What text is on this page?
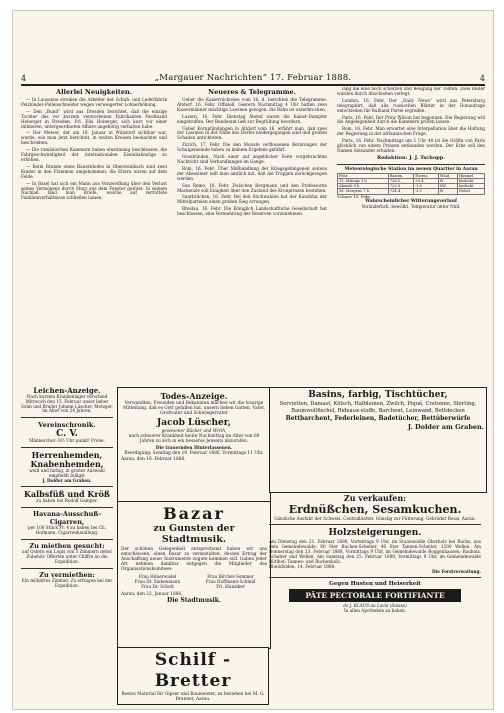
4	„Margauer Nachrichten“ 17. Februar 1888.	4
Allerlei Neuigkeiten.
— In Lausanne streiken die Arbeiter der Schuh- und Lederfabrik Pelzbinder-Pollenschneider wegen verweigerter Lohnerhöhung.
— Den „Bund“ wird aus Dresden berichtet, daß die einzige Tochter des vor kurzem verstorbenen Fabrikanten Ferdinand Hoberger in Dresden, Frl. Ella Hoberger, sich kurz vor einer intimeren, untergeordneten Affaire ungehörig verhalten habe.
— Der Meteor, der am 16. Januar in Wünstorf sichtbar war, wurde, wie man jetzt berichtet, in weiten Kreisen beobachtet und beschrieben.
— Die rumänischen Kammern haben einstimmig beschlossen, die Fahrgeschwindigkeit der internationalen Eisenbahnzüge zu erhöhen.
— Beim Brande eines Bauernhofes in Obersteinbach sind zwei Kinder in den Flammen umgekommen; die Eltern waren auf dem Felde.
— In Basel hat sich ein Mann aus Verzweiflung über den Verlust seines Vermögens durch Sturz aus dem Fenster getötet. In seinem Nachlaß fand man Briefe, welche auf zerrüttete Familienverhältnisse schließen lassen.
Neueres & Telegramme.
Ueber die Kaiserrückreise vom 16. d. berichten die Telegramme: Altdorf, 16. Febr. Offiziell. Gestern Nachmittag 4 Uhr hatten zwei Kaisermänner mächtige Lawinen gezogen; die Bahn ist unterbrochen.
Luzern, 16. Febr. Dienstag Abend waren die Kaiser-Dampfer eingetroffen. Der Bundesrat ließ zur Begrüßung beordern.
Ueber Kornpfändungen in Altdorf vom 16. erfährt man, daß zwei der Lawinen in der Nähe des Dorfes niedergegangen sind und großen Schaden anrichteten.
Zürich, 17. Febr. Die den Monate verflossenen Beratungen der Schulgemeinde haben zu keinem Ergebnis geführt.
Graubünden, Nach einer auf angeblicher Seite vorgebrachten Nachricht sind Verhandlungen im Gange.
Rom, 16. Febr. Über Mißhandlung der Kriegsgefangenen seitens der Abessinier teilt man amtlich mit, daß die Truppen zurückgezogen werden.
San Remo, 16. Febr. Zwischen Bergmann und den Professoren Mackenzie soll Einigkeit über den Zustand des Kronprinzen bestehen.
Saarbrücken, 16. Febr. Bei den Stichwahlen hat der Kandidat der Mittelparteien einen großen Sieg errungen.
Breslau, 16. Febr. Die Königlich Landschaftliche Gesellschaft hat beschlossen, eine Vermehrung der Reserven vorzunehmen.
lang die eine noch scherzen und Beugung der Todten. Zwei Reiter wurden durch Abschießen verlegt.
London, 16. Febr. Der „Daily News“ wird aus Petersburg telegraphirt, daß alle russischen Blätter in der Donaufrage entschieden für Rußland Partei ergreifen.
Paris, 16. Febr. Der Prinz Wilson hat begonnen. Die Regierung will die Angelegenheit durch die Kammern prüfen lassen.
Rom, 16. Febr. Man erwartet eine Interpellation über die Haltung der Regierung in der afrikanischen Frage.
Paris, 16. Febr. Nachmittags um 1 Uhr 40 ist die Gräfin von Paris glücklich von einem Prinzen entbunden worden. Der Erbe soll den Namen Alexander erhalten.
Redaktion: J. J. Tschopp.
Meteorologische Station im neuen Quartier in Aarau
Febr.	Barom.	Therm.	Wind	Himmel
15. Mittags 1 h	726.5	+0.4	W	bedeckt
Abends 9 h	725.8	-1.6	SW	bedeckt
16. Morgens 7 h	724.4	-2.0	W	Nebel
Schnee 15. Febr.
Wahrscheinlicher Witterungsverlauf
Veränderlich, bewölkt, Temperatur unter Null.
Leichen-Anzeige.
Nach kurzem Krankenlager verschied Mittwoch den 15. Februar unser lieber Sohn und Bruder Johann Lüscher, Metzger, im Alter von 24 Jahren.
Vereinschronik.
C. V.
Männerchor: 8½ Uhr punkt! Probe.
Herrenhemden, Knabenhemden,
weiß und farbig, in großer Auswahl empfiehlt billigst
J. Dolder am Graben.
Kalbsfüß und Kröß
zu haben bei Rudolf Gamper.
Havana-Ausschuß-Cigarren,
per 100 Stück Fr. 4 zu haben bei Ch. Hofmann, Cigarrenhandlung.
Zu miethen gesucht:
auf Ostern ein Logis von 3 Zimmern nebst Zubehör. Offerten unter Chiffre an die Expedition.
Zu vermiethen:
Ein möblirtes Zimmer. Zu erfragen bei der Expedition.
Todes-Anzeige.
Verwandten, Freunden und Bekannten machen wir die traurige Mitteilung, daß es Gott gefallen hat, unsern lieben Gatten, Vater, Großvater und Schwiegervater
Jacob Lüscher,
gewesener Bäcker und Wirth,
nach schwerer Krankheit heute Nachmittag im Alter von 60 Jahren zu sich in ein besseres Jenseits abzurufen.
Die trauernden Hinterlassenen.
Beerdigung: Sonntag den 19. Februar 1888, Vormittags 11 Uhr.
Aarau, den 16. Februar 1888.
Bazar
zu Gunsten der Stadtmusik.
Der schönen Gelegenheit entsprechend haben wir uns entschlossen, einen Bazar zu veranstalten, dessen Ertrag der Anschaffung neuer Instrumente zugute kommen soll. Gaben jeder Art nehmen dankbar entgegen die Mitglieder des Organisationskomitees:
Frau Hünerwadel	Frau Bircher-Sommer
Frau Dr. Siebenmann	Frau Hoffmann-Schmid
Frau Dr. Schott	Frl. Hunziker
Aarau, den 22. Januar 1888.
Die Stadtmusik.
Schilf - Bretter
Bestes Material für Gipser und Baumeister, zu beziehen bei M. G. Brunner, Aarau.
Basins, farbig, Tischtücher,
Servietten, Damast, Kölsch, Halbleinen, Zwilch, Piqué, Cretonne, Shirting, Baumwollfischel, Rideaux-stoffe, Barchent, Leinwand, Bettdecken
Bettbarchent, Federleinen, Badetücher, Bettüberwürfe
J. Dolder am Graben.
Zu verkaufen:
Erdnüßchen, Sesamkuchen.
Gänzliche Ausfuhr der Schweiz. Centralblatter. Günstig zur Fütterung. Gebrüder Rossi, Aarau.
Holzsteigerungen.
Am Dienstag den 21. Februar 1888, Vormittags 9 Uhr, im Staatswalde Oberholz bei Buchs, aus dem Gemeindewalde: 80 Ster Buchen-Scheiter, 40 Ster Tannen-Scheiter, 1200 Wellen. Am Donnerstag den 23. Februar 1888, Vormittags 9 Uhr, im Gemeindewalde Roggenhausen: Bauholz, Scheiter und Wellen. Am Samstag den 25. Februar 1888, Vormittags 9 Uhr, im Gemeindewalde Rütihof: Tannen- und Buchenholz.
Rheinfelden, 14. Februar 1888.
Die Forstverwaltung.
Gegen Husten und Heiserkeit
PÂTE PECTORALE FORTIFIANTE
de J. KLAUS au Locle (Suisse)
In allen Apotheken zu haben.
